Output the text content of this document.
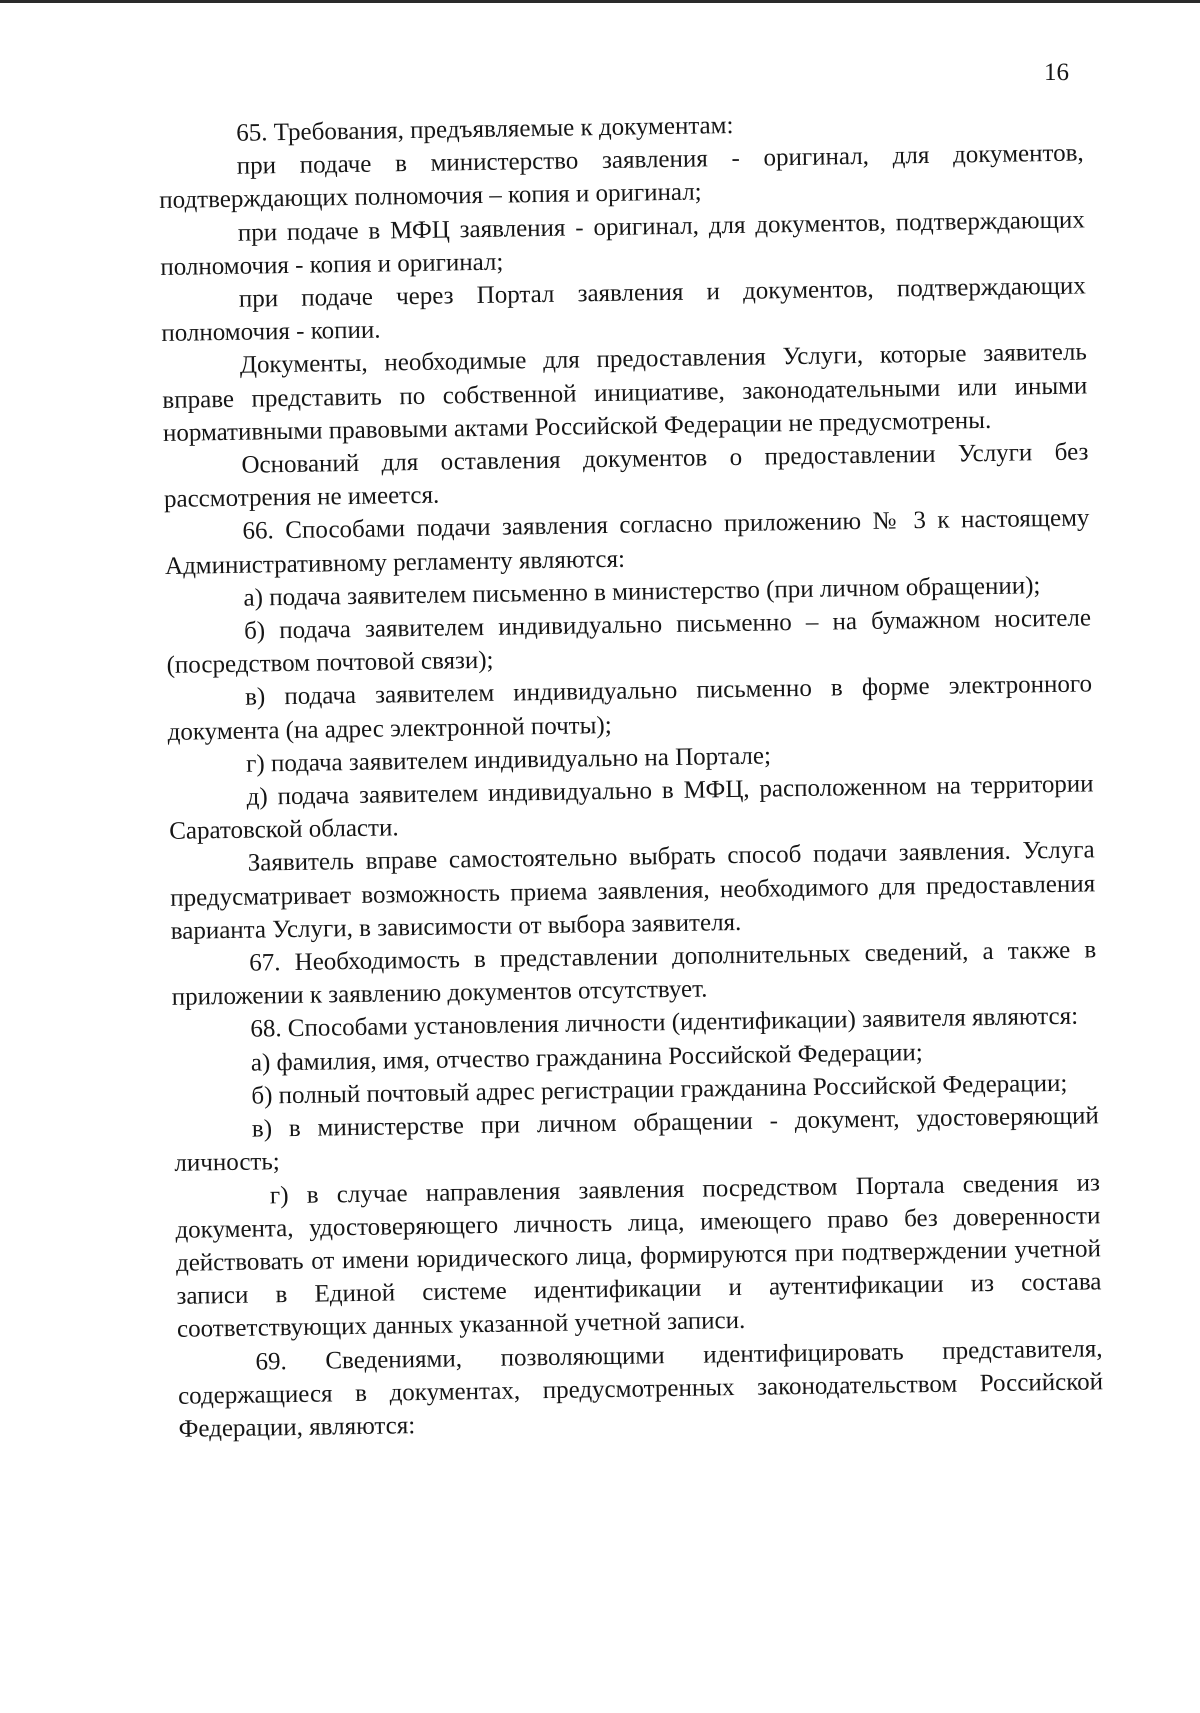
16

65. Требования, предъявляемые к документам:

при подаче в министерство заявления - оригинал, для документов, подтверждающих полномочия – копия и оригинал;

при подаче в МФЦ заявления - оригинал, для документов, подтверждающих полномочия - копия и оригинал;

при подаче через Портал заявления и документов, подтверждающих полномочия - копии.

Документы, необходимые для предоставления Услуги, которые заявитель вправе представить по собственной инициативе, законодательными или иными нормативными правовыми актами Российской Федерации не предусмотрены.

Оснований для оставления документов о предоставлении Услуги без рассмотрения не имеется.

66. Способами подачи заявления согласно приложению № 3 к настоящему Административному регламенту являются:

а) подача заявителем письменно в министерство (при личном обращении);

б) подача заявителем индивидуально письменно – на бумажном носителе (посредством почтовой связи);

в) подача заявителем индивидуально письменно в форме электронного документа (на адрес электронной почты);

г) подача заявителем индивидуально на Портале;

д) подача заявителем индивидуально в МФЦ, расположенном на территории Саратовской области.

Заявитель вправе самостоятельно выбрать способ подачи заявления. Услуга предусматривает возможность приема заявления, необходимого для предоставления варианта Услуги, в зависимости от выбора заявителя.

67. Необходимость в представлении дополнительных сведений, а также в приложении к заявлению документов отсутствует.

68. Способами установления личности (идентификации) заявителя являются:

а) фамилия, имя, отчество гражданина Российской Федерации;

б) полный почтовый адрес регистрации гражданина Российской Федерации;

в) в министерстве при личном обращении - документ, удостоверяющий личность;

г) в случае направления заявления посредством Портала сведения из документа, удостоверяющего личность лица, имеющего право без доверенности действовать от имени юридического лица, формируются при подтверждении учетной записи в Единой системе идентификации и аутентификации из состава соответствующих данных указанной учетной записи.

69. Сведениями, позволяющими идентифицировать представителя, содержащиеся в документах, предусмотренных законодательством Российской Федерации, являются:
